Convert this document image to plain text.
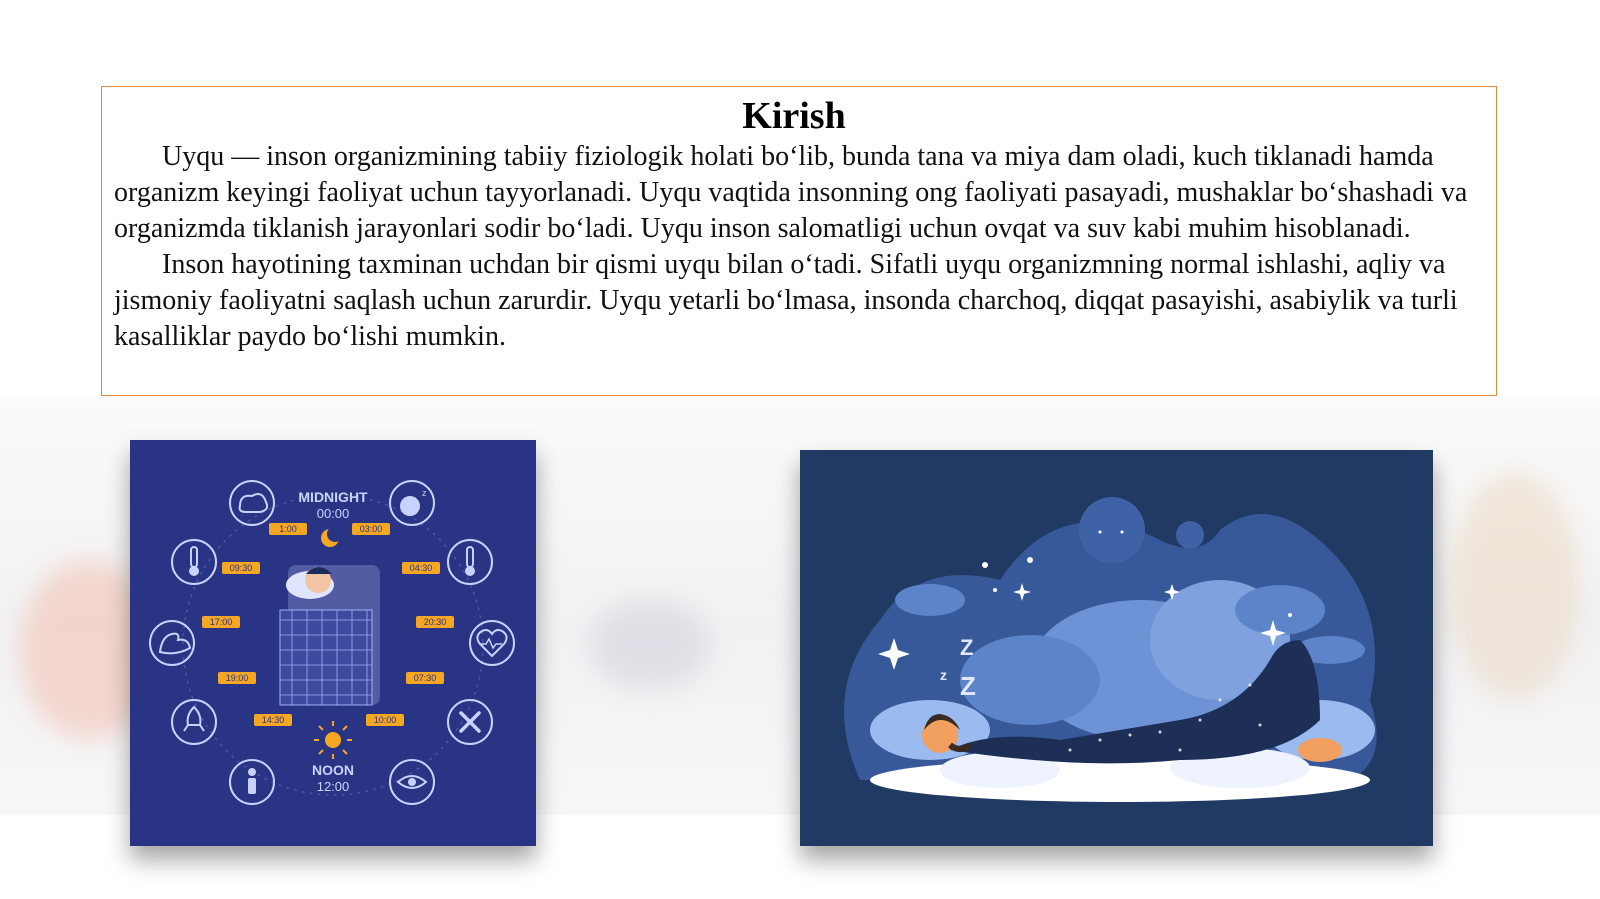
Kirish

Uyqu — inson organizmining tabiiy fiziologik holati bo‘lib, bunda tana va miya dam oladi, kuch tiklanadi hamda organizm keyingi faoliyat uchun tayyorlanadi. Uyqu vaqtida insonning ong faoliyati pasayadi, mushaklar bo‘shashadi va organizmda tiklanish jarayonlari sodir bo‘ladi. Uyqu inson salomatligi uchun ovqat va suv kabi muhim hisoblanadi.

Inson hayotining taxminan uchdan bir qismi uyqu bilan o‘tadi. Sifatli uyqu organizmning normal ishlashi, aqliy va jismoniy faoliyatni saqlash uchun zarurdir. Uyqu yetarli bo‘lmasa, insonda charchoq, diqqat pasayishi, asabiylik va turli kasalliklar paydo bo‘lishi mumkin.

MIDNIGHT
00:00
NOON
12:00
z
1:00	03:00
04:30
09:30
17:00	20:30
19:00	07:30
14:30	10:00
Z
z Z
